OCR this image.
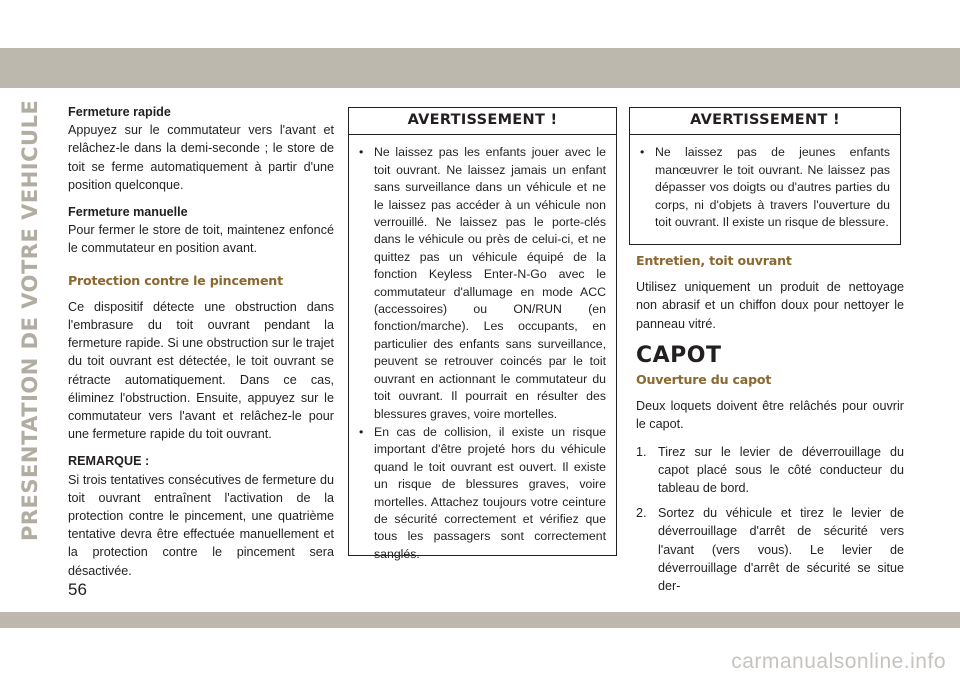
PRESENTATION DE VOTRE VEHICULE Fermeture rapide

Appuyez sur le commutateur vers l'avant et relâchez-le dans la demi-seconde ; le store de toit se ferme automatiquement à partir d'une position quelconque.

Fermeture manuelle

Pour fermer le store de toit, maintenez enfoncé le commutateur en position avant.

Protection contre le pincement

Ce dispositif détecte une obstruction dans l'embrasure du toit ouvrant pendant la fermeture rapide. Si une obstruction sur le trajet du toit ouvrant est détectée, le toit ouvrant se rétracte automatiquement. Dans ce cas, éliminez l'obstruction. Ensuite, appuyez sur le commutateur vers l'avant et relâchez-le pour une fermeture rapide du toit ouvrant.

REMARQUE :

Si trois tentatives consécutives de fermeture du toit ouvrant entraînent l'activation de la protection contre le pincement, une quatrième tentative devra être effectuée manuellement et la protection contre le pincement sera désactivée.

AVERTISSEMENT !
• Ne laissez pas les enfants jouer avec le toit ouvrant. Ne laissez jamais un enfant sans surveillance dans un véhicule et ne le laissez pas accéder à un véhicule non verrouillé. Ne laissez pas le porte-clés dans le véhicule ou près de celui-ci, et ne quittez pas un véhicule équipé de la fonction Keyless Enter-N-Go avec le commutateur d'allumage en mode ACC (accessoires) ou ON/RUN (en fonction/marche). Les occupants, en particulier des enfants sans surveillance, peuvent se retrouver coincés par le toit ouvrant en actionnant le commutateur du toit ouvrant. Il pourrait en résulter des blessures graves, voire mortelles.
• En cas de collision, il existe un risque important d'être projeté hors du véhicule quand le toit ouvrant est ouvert. Il existe un risque de blessures graves, voire mortelles. Attachez toujours votre ceinture de sécurité correctement et vérifiez que tous les passagers sont correctement sanglés.
AVERTISSEMENT !
• Ne laissez pas de jeunes enfants manœuvrer le toit ouvrant. Ne laissez pas dépasser vos doigts ou d'autres parties du corps, ni d'objets à travers l'ouverture du toit ouvrant. Il existe un risque de blessure.
Entretien, toit ouvrant

Utilisez uniquement un produit de nettoyage non abrasif et un chiffon doux pour nettoyer le panneau vitré.

CAPOT
Ouverture du capot

Deux loquets doivent être relâchés pour ouvrir le capot.

1. Tirez sur le levier de déverrouillage du capot placé sous le côté conducteur du tableau de bord.
2. Sortez du véhicule et tirez le levier de déverrouillage d'arrêt de sécurité vers l'avant (vers vous). Le levier de déverrouillage d'arrêt de sécurité se situe der-
56
carmanualsonline.info
